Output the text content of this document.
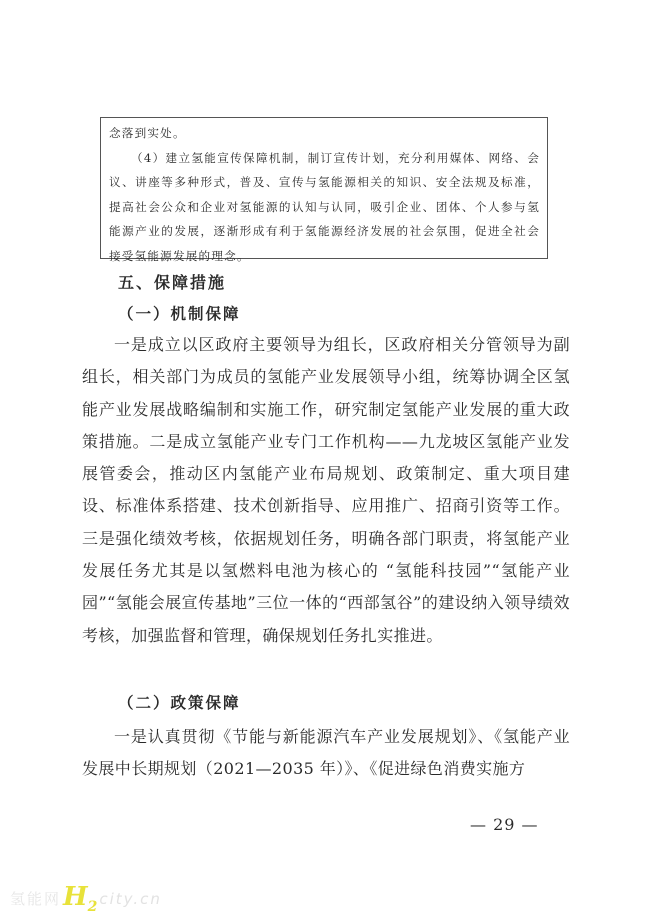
念落到实处。

（4）建立氢能宣传保障机制，制订宣传计划，充分利用媒体、网络、会议、讲座等多种形式，普及、宣传与氢能源相关的知识、安全法规及标准，提高社会公众和企业对氢能源的认知与认同，吸引企业、团体、个人参与氢能源产业的发展，逐渐形成有利于氢能源经济发展的社会氛围，促进全社会接受氢能源发展的理念。

五、保障措施
（一）机制保障

一是成立以区政府主要领导为组长，区政府相关分管领导为副组长，相关部门为成员的氢能产业发展领导小组，统筹协调全区氢能产业发展战略编制和实施工作，研究制定氢能产业发展的重大政策措施。二是成立氢能产业专门工作机构——九龙坡区氢能产业发展管委会，推动区内氢能产业布局规划、政策制定、重大项目建设、标准体系搭建、技术创新指导、应用推广、招商引资等工作。三是强化绩效考核，依据规划任务，明确各部门职责，将氢能产业发展任务尤其是以氢燃料电池为核心的 “氢能科技园”“氢能产业园”“氢能会展宣传基地”三位一体的“西部氢谷”的建设纳入领导绩效考核，加强监督和管理，确保规划任务扎实推进。

（二）政策保障

一是认真贯彻《节能与新能源汽车产业发展规划》、《氢能产业发展中长期规划（2021—2035 年）》、《促进绿色消费实施方

— 29 —
氢能网 $H_2$ city.cn
